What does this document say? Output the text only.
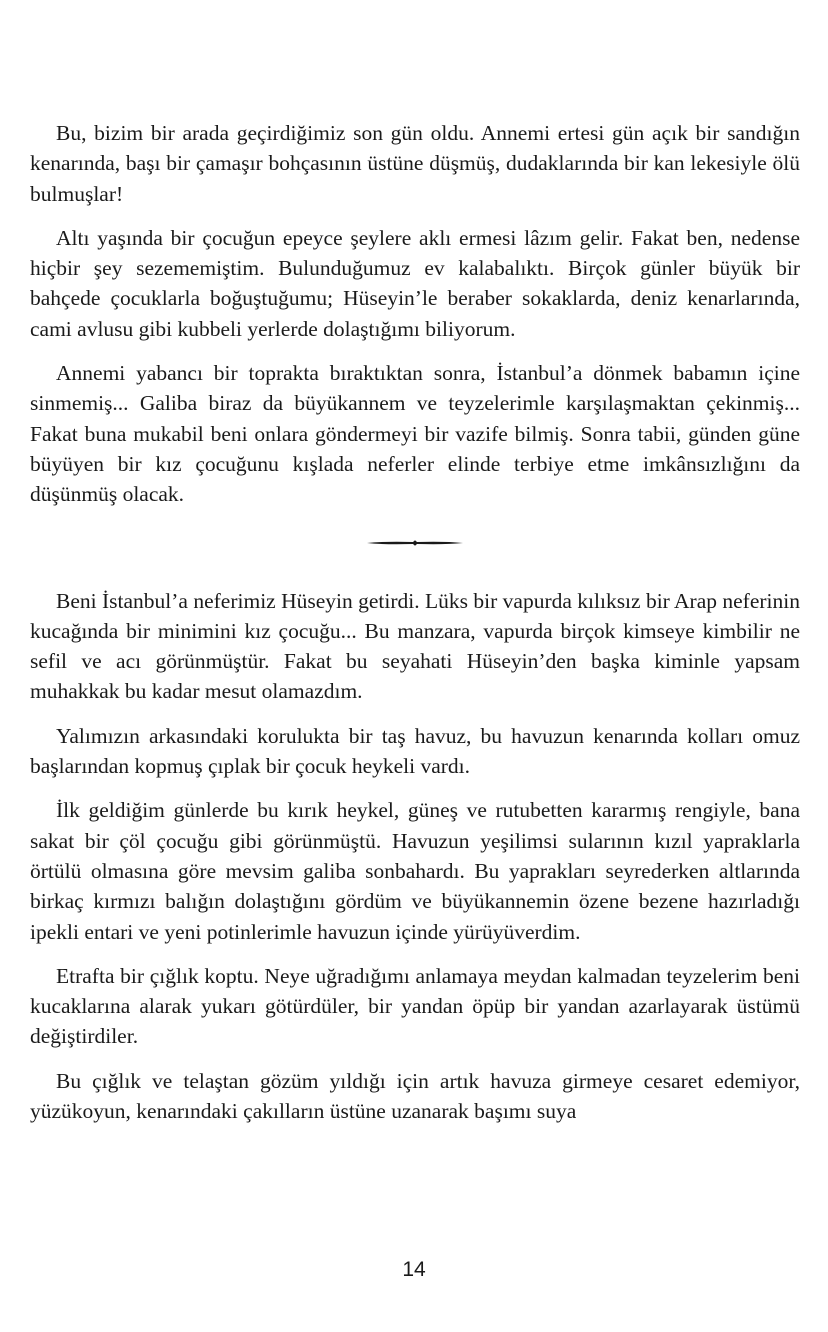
Bu, bizim bir arada geçirdiğimiz son gün oldu. Annemi ertesi gün açık bir sandığın kenarında, başı bir çamaşır bohçasının üstüne düşmüş, dudaklarında bir kan lekesiyle ölü bulmuşlar!

Altı yaşında bir çocuğun epeyce şeylere aklı ermesi lâzım gelir. Fakat ben, nedense hiçbir şey sezememiştim. Bulunduğumuz ev kalabalıktı. Birçok günler büyük bir bahçede çocuklarla boğuştuğumu; Hüseyin’le beraber sokaklarda, deniz kenarlarında, cami avlusu gibi kubbeli yerlerde dolaştığımı biliyorum.

Annemi yabancı bir toprakta bıraktıktan sonra, İstanbul’a dönmek babamın içine sinmemiş... Galiba biraz da büyükannem ve teyzelerimle karşılaşmaktan çekinmiş... Fakat buna mukabil beni onlara göndermeyi bir vazife bilmiş. Sonra tabii, günden güne büyüyen bir kız çocuğunu kışlada neferler elinde terbiye etme imkânsızlığını da düşünmüş olacak.

Beni İstanbul’a neferimiz Hüseyin getirdi. Lüks bir vapurda kılıksız bir Arap neferinin kucağında bir minimini kız çocuğu... Bu manzara, vapurda birçok kimseye kimbilir ne sefil ve acı görünmüştür. Fakat bu seyahati Hüseyin’den başka kiminle yapsam muhakkak bu kadar mesut olamazdım.

Yalımızın arkasındaki korulukta bir taş havuz, bu havuzun kenarında kolları omuz başlarından kopmuş çıplak bir çocuk heykeli vardı.

İlk geldiğim günlerde bu kırık heykel, güneş ve rutubetten kararmış rengiyle, bana sakat bir çöl çocuğu gibi görünmüştü. Havuzun yeşilimsi sularının kızıl yapraklarla örtülü olmasına göre mevsim galiba sonbahardı. Bu yaprakları seyrederken altlarında birkaç kırmızı balığın dolaştığını gördüm ve büyükannemin özene bezene hazırladığı ipekli entari ve yeni potinlerimle havuzun içinde yürüyüverdim.

Etrafta bir çığlık koptu. Neye uğradığımı anlamaya meydan kalmadan teyzelerim beni kucaklarına alarak yukarı götürdüler, bir yandan öpüp bir yandan azarlayarak üstümü değiştirdiler.

Bu çığlık ve telaştan gözüm yıldığı için artık havuza girmeye cesaret edemiyor, yüzükoyun, kenarındaki çakılların üstüne uzanarak başımı suya

14
